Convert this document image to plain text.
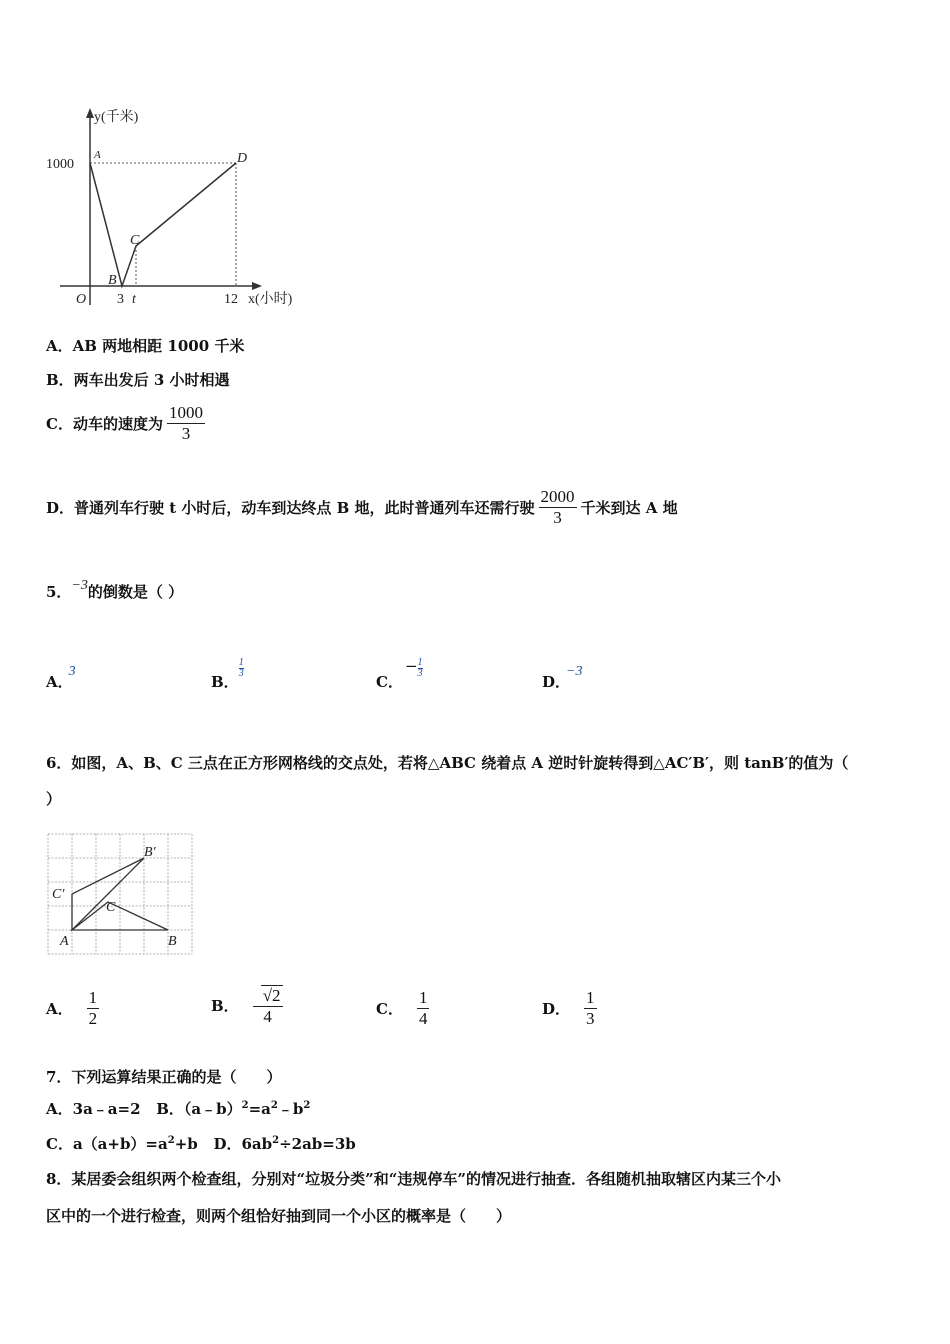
y(千米)
1000
A
B
C
D
O 3 t	12 x(小时)
A．AB 两地相距 1000 千米
B．两车出发后 3 小时相遇
C．动车的速度为 $\frac{1000}{3}$
D．普通列车行驶 t 小时后，动车到达终点 B 地，此时普通列车还需行驶 $\frac{2000}{3}$ 千米到达 A 地
5．−3的倒数是（ ）
A．3
B．
$\frac{1}{3}$
C．− $\frac{1}{3}$
D．−3
6．如图，A、B、C 三点在正方形网格线的交点处，若将△ABC 绕着点 A 逆时针旋转得到△AC′B′，则 tanB′的值为（
）
B′
C′
C
A	B
A． $\frac{1}{2}$	B． $\frac{√2}{4}$	C． $\frac{1}{4}$	D． $\frac{1}{3}$
7．下列运算结果正确的是（　　）
A．3a﹣a=2 B．$(a﹣b)^2=a^2﹣b^2$
C．$a(a+b)=a^2+b$ D．$6ab^2\div 2ab=3b$
8．某居委会组织两个检查组，分别对“垃圾分类”和“违规停车”的情况进行抽查．各组随机抽取辖区内某三个小
区中的一个进行检查，则两个组恰好抽到同一个小区的概率是（　　）
